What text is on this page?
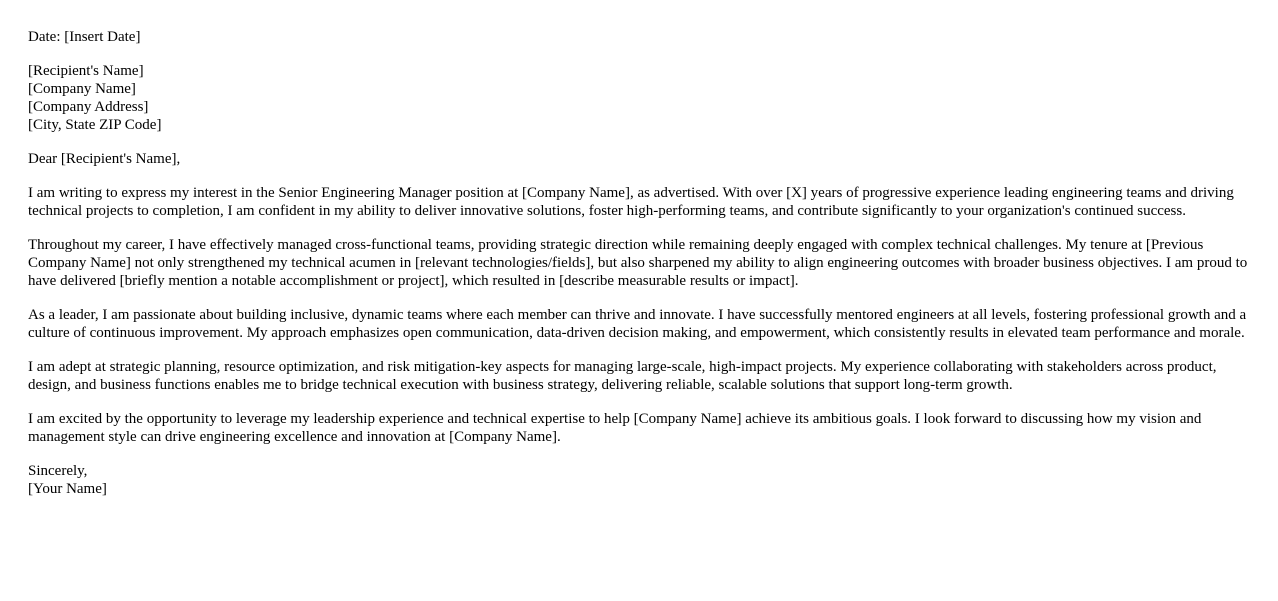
Date: [Insert Date]
[Recipient's Name]
[Company Name]
[Company Address]
[City, State ZIP Code]
Dear [Recipient's Name],

I am writing to express my interest in the Senior Engineering Manager position at [Company Name], as advertised. With over [X] years of progressive experience leading engineering teams and driving technical projects to completion, I am confident in my ability to deliver innovative solutions, foster high-performing teams, and contribute significantly to your organization's continued success.

Throughout my career, I have effectively managed cross-functional teams, providing strategic direction while remaining deeply engaged with complex technical challenges. My tenure at [Previous Company Name] not only strengthened my technical acumen in [relevant technologies/fields], but also sharpened my ability to align engineering outcomes with broader business objectives. I am proud to have delivered [briefly mention a notable accomplishment or project], which resulted in [describe measurable results or impact].

As a leader, I am passionate about building inclusive, dynamic teams where each member can thrive and innovate. I have successfully mentored engineers at all levels, fostering professional growth and a culture of continuous improvement. My approach emphasizes open communication, data-driven decision making, and empowerment, which consistently results in elevated team performance and morale.

I am adept at strategic planning, resource optimization, and risk mitigation-key aspects for managing large-scale, high-impact projects. My experience collaborating with stakeholders across product, design, and business functions enables me to bridge technical execution with business strategy, delivering reliable, scalable solutions that support long-term growth.

I am excited by the opportunity to leverage my leadership experience and technical expertise to help [Company Name] achieve its ambitious goals. I look forward to discussing how my vision and management style can drive engineering excellence and innovation at [Company Name].

Sincerely,
[Your Name]
